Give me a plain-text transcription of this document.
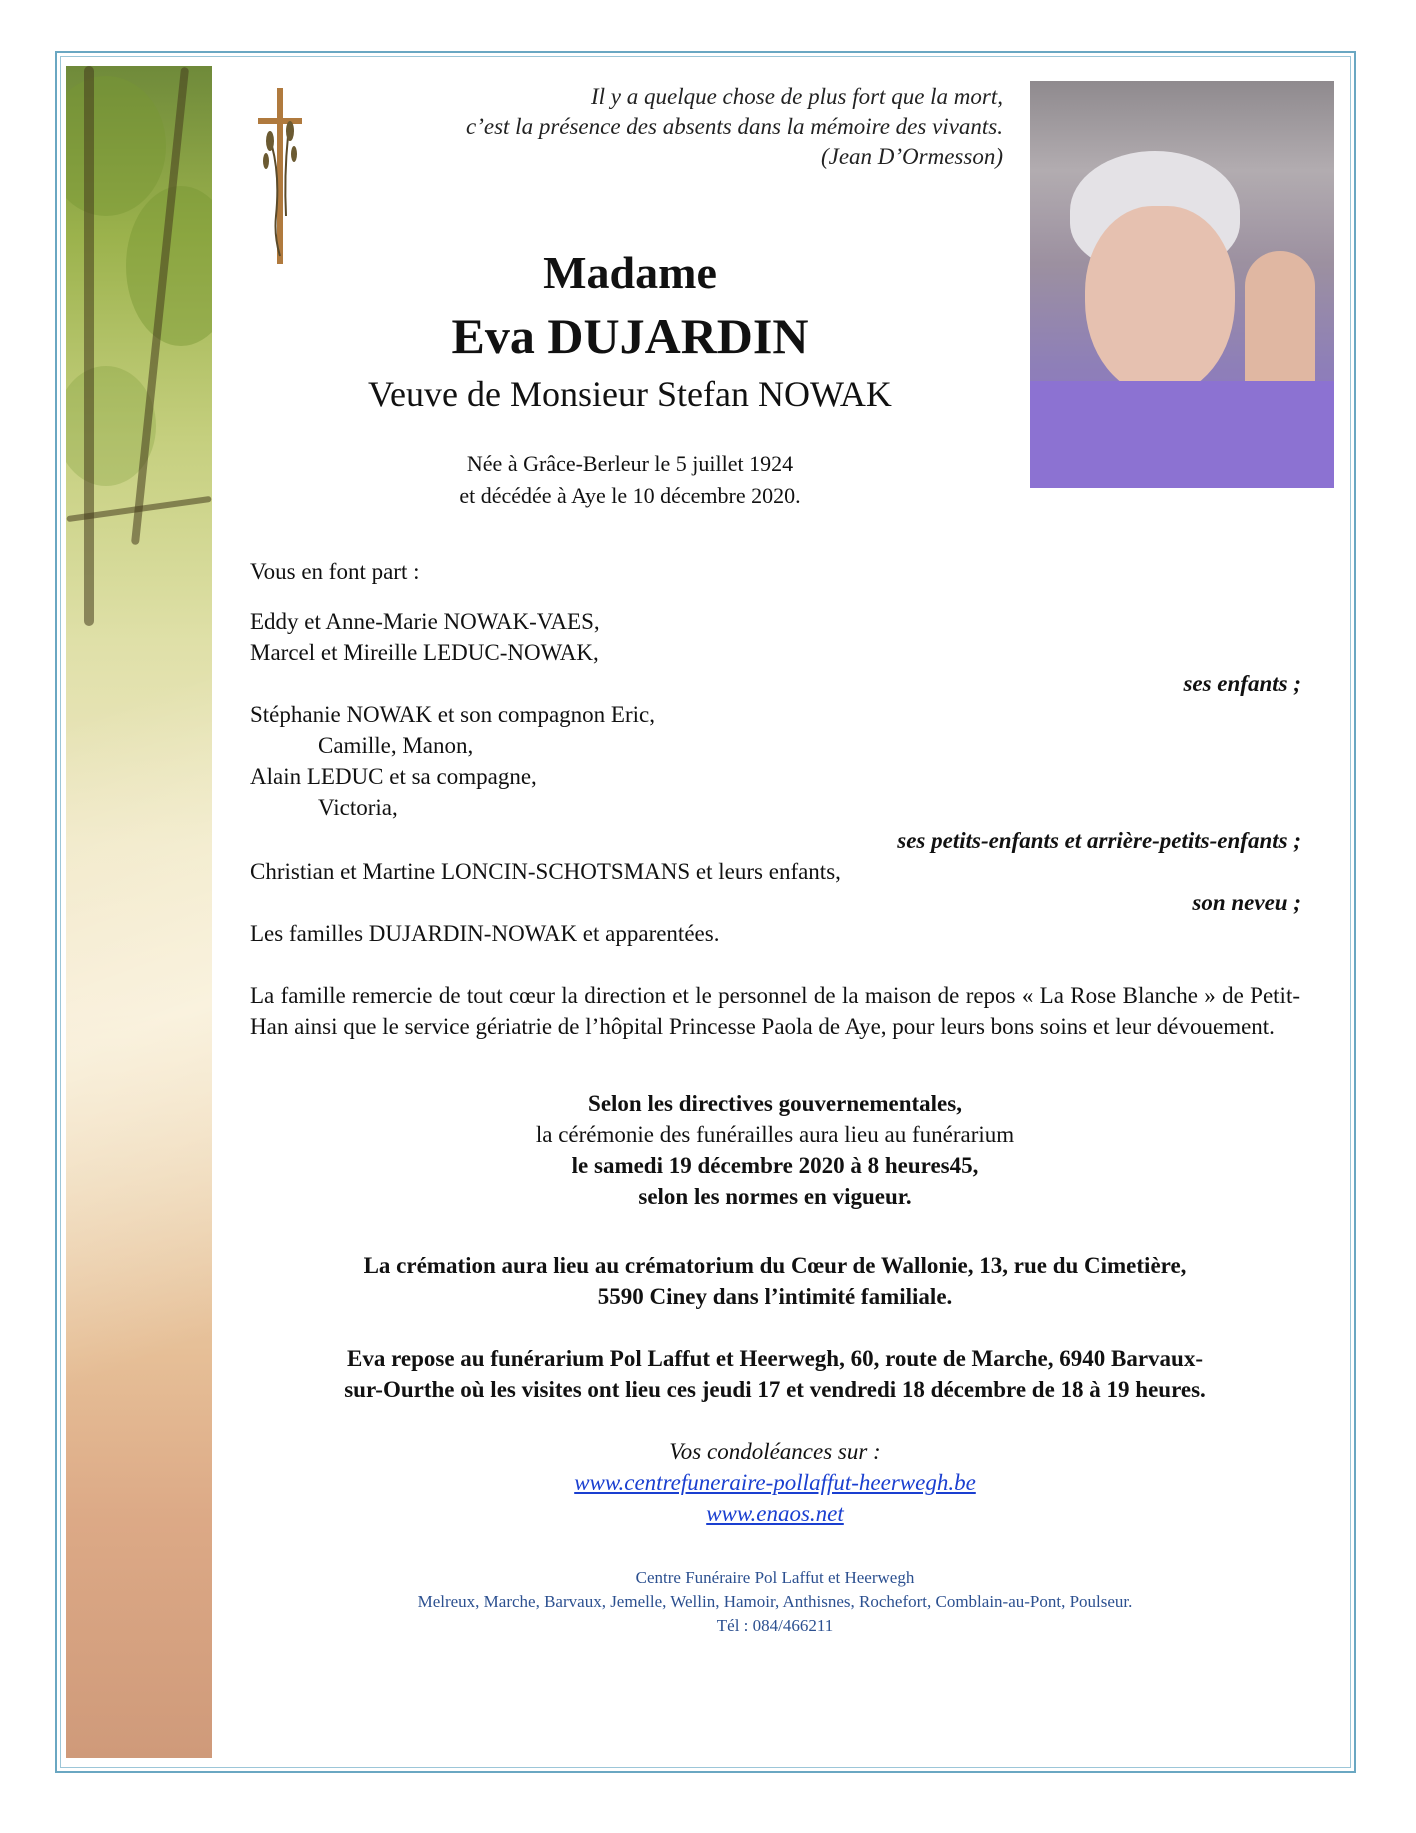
Il y a quelque chose de plus fort que la mort,
c’est la présence des absents dans la mémoire des vivants.
(Jean D’Ormesson)
Madame
Eva DUJARDIN
Veuve de Monsieur Stefan NOWAK
Née à Grâce-Berleur le 5 juillet 1924
et décédée à Aye le 10 décembre 2020.
Vous en font part :
Eddy et Anne-Marie NOWAK-VAES,
Marcel et Mireille LEDUC-NOWAK,
ses enfants ;
Stéphanie NOWAK et son compagnon Eric,
Camille, Manon,
Alain LEDUC et sa compagne,
Victoria,
ses petits-enfants et arrière-petits-enfants ;
Christian et Martine LONCIN-SCHOTSMANS et leurs enfants,
son neveu ;
Les familles DUJARDIN-NOWAK et apparentées.
La famille remercie de tout cœur la direction et le personnel de la maison de repos « La Rose Blanche » de Petit-Han ainsi que le service gériatrie de l’hôpital Princesse Paola de Aye, pour leurs bons soins et leur dévouement.
Selon les directives gouvernementales,
la cérémonie des funérailles aura lieu au funérarium
le samedi 19 décembre 2020 à 8 heures45,
selon les normes en vigueur.
La crémation aura lieu au crématorium du Cœur de Wallonie, 13, rue du Cimetière,
5590 Ciney dans l’intimité familiale.
Eva repose au funérarium Pol Laffut et Heerwegh, 60, route de Marche, 6940 Barvaux-
sur-Ourthe où les visites ont lieu ces jeudi 17 et vendredi 18 décembre de 18 à 19 heures.
Vos condoléances sur :
www.centrefuneraire-pollaffut-heerwegh.be
www.enaos.net
Centre Funéraire Pol Laffut et Heerwegh
Melreux, Marche, Barvaux, Jemelle, Wellin, Hamoir, Anthisnes, Rochefort, Comblain-au-Pont, Poulseur.
Tél : 084/466211
